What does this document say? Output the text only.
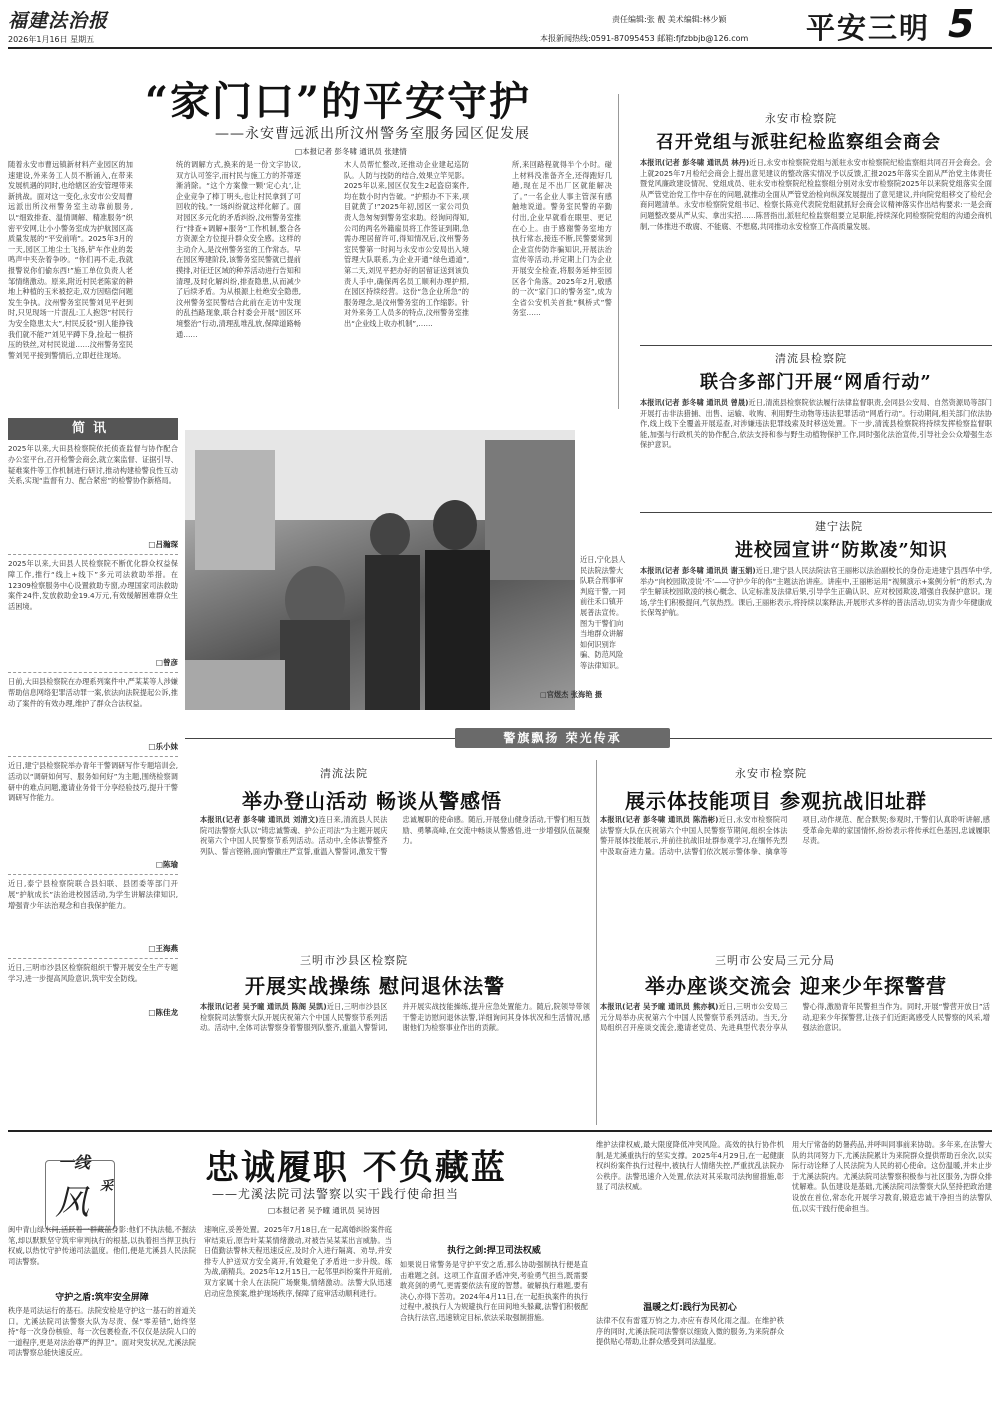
福建法治报
2026年1月16日 星期五
责任编辑:张 靓 美术编辑:林少颖
本报新闻热线:0591-87095453 邮箱:fjfzbbjb@126.com 平安三明 5
“家门口”的平安守护
——永安曹远派出所汶州警务室服务园区促发展
□本报记者 彭冬啸 通讯员 张建情
随着永安市曹远镇新材料产业园区的加速建设,外来务工人员不断涌入,在带来发展机遇的同时,也给辖区治安管理带来新挑战。面对这一变化,永安市公安局曹远派出所汶州警务室主动靠前服务,以“细致排查、温情调解、精准服务”织密平安网,让小小警务室成为护航园区高质量发展的“平安前哨”。2025年3月的一天,园区工地尘土飞扬,铲车作业的轰鸣声中夹杂着争吵。“你们再不走,我就报警说你们偷东西!”施工单位负责人老邹情绪激动。原来,附近村民老陈家的耕地上种植的玉米被挖走,双方因赔偿问题发生争执。汶州警务室民警刘见平赶到时,只见现场一片混乱:工人抱怨“村民行为安全隐患太大”,村民反驳“别人能挣钱我们就不能?”刘见平蹲下身,捡起一根挤压的铁丝,对村民说道……汶州警务室民警刘见平接到警情后,立即赶往现场。
统的调解方式,换来的是一份文字协议,双方认可签字,而村民与施工方的芥蒂逐渐消除。“这个方案像一颗‘定心丸’,让企业竞争了棒丁明头,也让村民拿到了可回收的钱。”一场纠纷就这样化解了。面对园区多元化的矛盾纠纷,汶州警务室推行“排查+调解+服务”工作机制,整合各方资源全方位提升群众安全感。这样的主动介入,是汶州警务室的工作常态。早在园区筹建阶段,该警务室民警就已提前摸排,对征迁区域的种养活动进行告知和清理,及时化解纠纷,排查隐患,从而减少了后续矛盾。为从根源上杜绝安全隐患,汶州警务室民警结合此前在走访中发现的乱挡路现象,联合村委会开展“园区环境整治”行动,清理乱堆乱放,保障道路畅通……
木人员帮忙整改,还推动企业建起巡防队。人防与技防的结合,效果立竿见影。2025年以来,园区仅发生2起盗窃案件,均在数小时内告破。“护照办不下来,项目就黄了!”2025年初,园区一家公司负责人急匆匆到警务室求助。经询问得知,公司的两名外籍雇员将工作签证到期,急需办理居留许可,得知情况后,汶州警务室民警第一时间与永安市公安局出入境管理大队联系,为企业开通“绿色通道”,第二天,刘见平把办好的居留证送到该负责人手中,确保两名员工顺利办理护照,在园区持续经营。这份“急企业所急”的服务理念,是汶州警务室的工作缩影。针对外来务工人员多的特点,汶州警务室推出“企业线上收办机制”,……
所,来回路程就得半个小时。碰上材料没准备齐全,还得跑好几趟,现在足不出厂区就能解决了。”一名企业人事主管深有感触地说道。警务室民警的辛勤付出,企业早就看在眼里、更记在心上。由于感谢警务室地方执行常态,接连不断,民警要常到企业宣传防诈骗知识,开展法治宣传等活动,并定期上门为企业开展安全检查,将服务延伸至园区各个角落。2025年2月,敬感的一次“家门口的警务室”,成为全省公安机关首批“枫桥式”警务室……
简讯
2025年以来,大田县检察院依托侦查监督与协作配合办公室平台,召开检警会商会,就立案监督、证据引导、疑难案件等工作机制进行研讨,推动构建检警良性互动关系,实现“监督有力、配合紧密”的检警协作新格局。
□吕瀚琛
2025年以来,大田县人民检察院不断优化群众权益保障工作,推行“线上+线下”多元司法救助举措。在12309检察服务中心设置救助专窗,办理国家司法救助案件24件,发放救助金19.4万元,有效缓解困难群众生活困境。
□曾彦
日前,大田县检察院在办理系列案件中,严某某等人涉嫌帮助信息网络犯罪活动罪一案,依法向法院提起公诉,推动了案件的有效办理,维护了群众合法权益。
□乐小妹
近日,建宁县检察院举办青年干警调研写作专题培训会,活动以“调研如何写、服务如何好”为主题,围绕检察调研中的难点问题,邀请业务骨干分享经验技巧,提升干警调研写作能力。
□陈瑜
近日,泰宁县检察院联合县妇联、县团委等部门开展“护航成长”法治进校园活动,为学生讲解法律知识,增强青少年法治观念和自我保护能力。
□王海燕
近日,三明市沙县区检察院组织干警开展安全生产专题学习,进一步提高风险意识,筑牢安全防线。
□陈佳龙
近日,宁化县人民法院法警大队联合刑事审判庭干警,一同前往禾口镇开展普法宣传。图为干警们向当地群众讲解如何识别诈骗、防范风险等法律知识。
□官煜杰 张海艳 摄
永安市检察院
召开党组与派驻纪检监察组会商会
本报讯(记者 彭冬啸 通讯员 林丹)近日,永安市检察院党组与派驻永安市检察院纪检监察组共同召开会商会。会上就2025年7月检纪会商会上提出意见建议的整改落实情况予以反馈,汇报2025年落实全面从严治党主体责任暨党风廉政建设情况、党组成员、驻永安市检察院纪检监察组分别对永安市检察院2025年以来院党组落实全面从严管党治党工作中存在的问题,就推动全面从严管党治检向纵深发展提出了意见建议,并向院党组移交了检纪会商问题清单。永安市检察院党组书记、检察长陈竞代表院党组就抓好会商会议精神落实作出结构要求:一是会商问题整改要从严从实、拿出实招……陈晋指出,派驻纪检监察组要立足职能,持续深化同检察院党组的沟通会商机制,一体推进不敢腐、不能腐、不想腐,共同推动永安检察工作高质量发展。
清流县检察院
联合多部门开展“网盾行动”
本报讯(记者 彭冬啸 通讯员 曾晟)近日,清流县检察院依法履行法律监督职责,会同县公安局、自然资源局等部门开展打击非法猎捕、出售、运输、收购、利用野生动物等违法犯罪活动“网盾行动”。行动期间,相关部门依法协作,线上线下全覆盖开展巡查,对涉嫌违法犯罪线索及时移送处置。下一步,清流县检察院将持续发挥检察监督职能,加强与行政机关的协作配合,依法支持和参与野生动植物保护工作,同时强化法治宣传,引导社会公众增强生态保护意识。
建宁法院
进校园宣讲“防欺凌”知识
本报讯(记者 彭冬啸 通讯员 谢玉娟)近日,建宁县人民法院法官王丽彬以法治副校长的身份走进建宁县西华中学,举办“向校园欺凌说‘不’——守护少年的你”主题法治讲座。讲座中,王丽彬运用“视频演示+案例分析”的形式,为学生解读校园欺凌的核心概念、认定标准及法律后果,引导学生正确认识、应对校园欺凌,增强自我保护意识。现场,学生们积极提问,气氛热烈。课后,王丽彬表示,将持续以案释法,开展形式多样的普法活动,切实为青少年健康成长保驾护航。
警旗飘扬 荣光传承
清流法院
举办登山活动 畅谈从警感悟
本报讯(记者 彭冬啸 通讯员 刘清文)连日来,清流县人民法院司法警察大队以“铸忠诚警魂、护公正司法”为主题开展庆祝第六个中国人民警察节系列活动。活动中,全体法警整齐列队、誓言铿锵,面向警徽庄严宣誓,重温入警誓词,激发干警忠诚履职的使命感。随后,开展登山健身活动,干警们相互鼓励、勇攀高峰,在交流中畅谈从警感悟,进一步增强队伍凝聚力。
三明市沙县区检察院
开展实战操练 慰问退休法警
本报讯(记者 吴予曈 通讯员 陈阁 吴凯)近日,三明市沙县区检察院司法警察大队开展庆祝第六个中国人民警察节系列活动。活动中,全体司法警察身着警服列队整齐,重温入警誓词,并开展实战技能操练,提升应急处置能力。随后,院领导带领干警走访慰问退休法警,详细询问其身体状况和生活情况,感谢他们为检察事业作出的贡献。
永安市检察院
展示体技能项目 参观抗战旧址群
本报讯(记者 彭冬啸 通讯员 陈浩彬)近日,永安市检察院司法警察大队在庆祝第六个中国人民警察节期间,组织全体法警开展体技能展示,并前往抗战旧址群参观学习,在缅怀先烈中汲取奋进力量。活动中,法警们依次展示警体拳、擒拿等项目,动作规范、配合默契;参观时,干警们认真聆听讲解,感受革命先辈的家国情怀,纷纷表示将传承红色基因,忠诚履职尽责。
三明市公安局三元分局
举办座谈交流会 迎来少年探警营
本报讯(记者 吴予曈 通讯员 熊亦枫)近日,三明市公安局三元分局举办庆祝第六个中国人民警察节系列活动。当天,分局组织召开座谈交流会,邀请老党员、先进典型代表分享从警心得,激励青年民警担当作为。同时,开展“警营开放日”活动,迎来少年探警营,让孩子们近距离感受人民警察的风采,增强法治意识。
一线
风 采	忠诚履职 不负藏蓝
——尤溪法院司法警察以实干践行使命担当
□本报记者 吴予曈 通讯员 吴诗因
闽中青山绿水间,活跃着一群藏蓝身影:他们不执法槌,不握法笔,却以默默坚守筑牢审判执行的根基,以执着担当捍卫执行权威,以热忱守护传递司法温度。他们,便是尤溪县人民法院司法警察。
守护之盾:筑牢安全屏障
秩序是司法运行的基石。法院安检是守护这一基石的首道关口。尤溪法院司法警察大队为尽责、保“零差错”,始终坚持“每一次身份核验、每一次包裹检查,不仅仅是法院人口的一道程序,更是对法治尊严的捍卫”。面对突发状况,尤溪法院司法警察总能快速反应。
速响应,妥善处置。2025年7月18日,在一起离婚纠纷案件庭审结束后,原告叶某某情绪激动,对被告吴某某出言威胁。当日值勤法警林天程迅速反应,及时介入进行隔离、劝导,并安排专人护送双方安全离开,有效避免了矛盾进一步升级。练为战,硝精兵。2025年12月15日,一起邻里纠纷案件开庭前,双方家属十余人在法院广场聚集,情绪激动。法警大队迅速启动应急预案,维护现场秩序,保障了庭审活动顺利进行。
执行之剑:捍卫司法权威
如果说日常警务是守护平安之盾,那么协助强制执行便是直击难题之剑。这项工作直面矛盾冲突,考验勇气担当,既需要敢亮剑的勇气,更需要依法有度的智慧。破解执行难题,要有决心,亦得下苦功。2024年4月11日,在一起拒执案件的执行过程中,被执行人为规避执行在田间地头躲藏,法警们积极配合执行法官,迅速锁定目标,依法采取强制措施。
维护法律权威,最大限度降低冲突风险。高效的执行协作机制,是尤溪重执行的坚实支撑。2025年4月29日,在一起健康权纠纷案件执行过程中,被执行人情绪失控,严重扰乱法院办公秩序。法警迅速介入处置,依法对其采取司法拘留措施,彰显了司法权威。
温暖之灯:践行为民初心
法律不仅有雷霆万钧之力,亦应有春风化雨之温。在维护秩序的同时,尤溪法院司法警察以细致入微的服务,为来院群众提供贴心帮助,让群众感受到司法温度。
用大厅常备的防暑药品,并呼叫同事前来协助。多年来,在法警大队的共同努力下,尤溪法院累计为来院群众提供帮助百余次,以实际行动诠释了人民法院为人民的初心使命。这份温暖,并未止步于尤溪法院内。尤溪法院司法警察积极参与社区服务,为群众排忧解难。队伍建设是基础,尤溪法院司法警察大队坚持把政治建设放在首位,常态化开展学习教育,锻造忠诚干净担当的法警队伍,以实干践行使命担当。
